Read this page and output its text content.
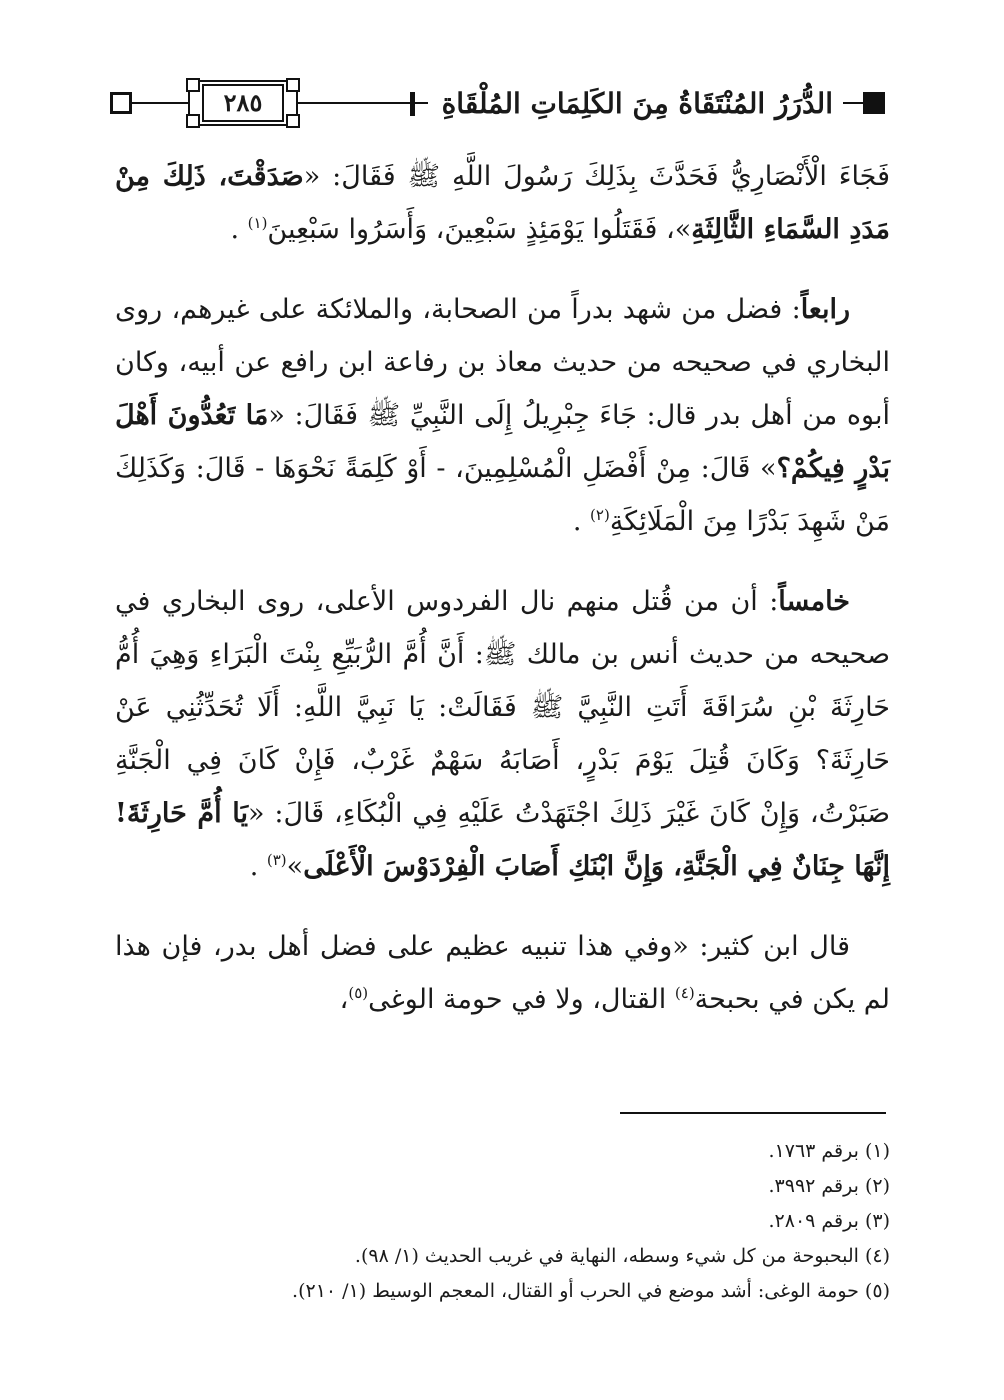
٢٨٥	الدُّرَرُ المُنْتَقَاةُ مِنَ الكَلِمَاتِ المُلْقَاةِ

فَجَاءَ الْأَنْصَارِيُّ فَحَدَّثَ بِذَلِكَ رَسُولَ اللَّهِ ﷺ فَقَالَ: «صَدَقْتَ، ذَلِكَ مِنْ مَدَدِ السَّمَاءِ الثَّالِثَةِ»، فَقَتَلُوا يَوْمَئِذٍ سَبْعِينَ، وَأَسَرُوا سَبْعِينَ$^{(١)}$ .

رابعاً: فضل من شهد بدراً من الصحابة، والملائكة على غيرهم، روى البخاري في صحيحه من حديث معاذ بن رفاعة ابن رافع عن أبيه، وكان أبوه من أهل بدر قال: جَاءَ جِبْرِيلُ إِلَى النَّبِيِّ ﷺ فَقَالَ: «مَا تَعُدُّونَ أَهْلَ بَدْرٍ فِيكُمْ؟» قَالَ: مِنْ أَفْضَلِ الْمُسْلِمِينَ، - أَوْ كَلِمَةً نَحْوَهَا - قَالَ: وَكَذَلِكَ مَنْ شَهِدَ بَدْرًا مِنَ الْمَلَائِكَةِ$^{(٢)}$ .

خامساً: أن من قُتل منهم نال الفردوس الأعلى، روى البخاري في صحيحه من حديث أنس بن مالك ﷺ: أَنَّ أُمَّ الرُّبَيِّعِ بِنْتَ الْبَرَاءِ وَهِيَ أُمُّ حَارِثَةَ بْنِ سُرَاقَةَ أَتَتِ النَّبِيَّ ﷺ فَقَالَتْ: يَا نَبِيَّ اللَّهِ: أَلَا تُحَدِّثُنِي عَنْ حَارِثَةَ؟ وَكَانَ قُتِلَ يَوْمَ بَدْرٍ، أَصَابَهُ سَهْمٌ غَرْبٌ، فَإِنْ كَانَ فِي الْجَنَّةِ صَبَرْتُ، وَإِنْ كَانَ غَيْرَ ذَلِكَ اجْتَهَدْتُ عَلَيْهِ فِي الْبُكَاءِ، قَالَ: «يَا أُمَّ حَارِثَةَ! إِنَّهَا جِنَانٌ فِي الْجَنَّةِ، وَإِنَّ ابْنَكِ أَصَابَ الْفِرْدَوْسَ الْأَعْلَى»$^{(٣)}$ .

قال ابن كثير: «وفي هذا تنبيه عظيم على فضل أهل بدر، فإن هذا لم يكن في بحبحة$^{(٤)}$ القتال، ولا في حومة الوغى$^{(٥)}$،

(١) برقم ١٧٦٣.
(٢) برقم ٣٩٩٢.
(٣) برقم ٢٨٠٩.
(٤) البحبوحة من كل شيء وسطه، النهاية في غريب الحديث (١/ ٩٨).
(٥) حومة الوغى: أشد موضع في الحرب أو القتال، المعجم الوسيط (١/ ٢١٠).
